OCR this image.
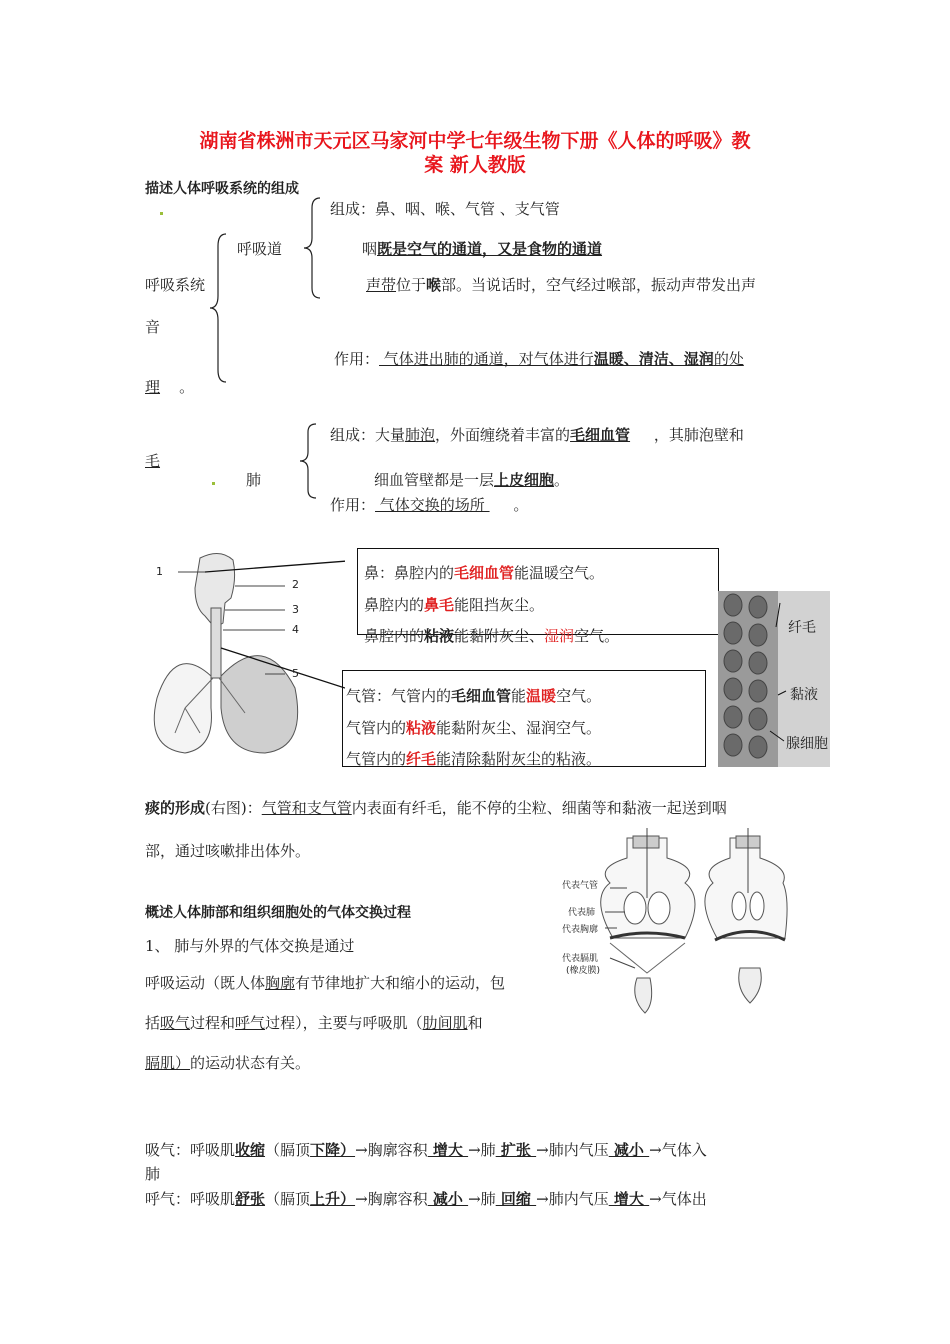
湖南省株洲市天元区马家河中学七年级生物下册《人体的呼吸》教
案 新人教版
描述人体呼吸系统的组成
组成：鼻、咽、喉、气管 、支气管
呼吸道	咽既是空气的通道，又是食物的通道
呼吸系统	声带位于喉部。当说话时，空气经过喉部，振动声带发出声
音
作用： 气体进出肺的通道，对气体进行温暖、清洁、湿润的处
理 。
组成：大量肺泡，外面缠绕着丰富的毛细血管 ，其肺泡壁和
毛
肺	细血管壁都是一层上皮细胞。
作用： 气体交换的场所      。
1
2
3
4
5
鼻：鼻腔内的毛细血管能温暖空气。
鼻腔内的鼻毛能阻挡灰尘。
鼻腔内的粘液能黏附灰尘、湿润空气。
气管：气管内的毛细血管能温暖空气。
气管内的粘液能黏附灰尘、湿润空气。
气管内的纤毛能清除黏附灰尘的粘液。
纤毛
黏液
腺细胞
痰的形成(右图)：气管和支气管内表面有纤毛，能不停的尘粒、细菌等和黏液一起送到咽
部，通过咳嗽排出体外。
概述人体肺部和组织细胞处的气体交换过程
1、 肺与外界的气体交换是通过
呼吸运动（既人体胸廓有节律地扩大和缩小的运动，包
括吸气过程和呼气过程），主要与呼吸肌（肋间肌和
膈肌）的运动状态有关。
代表气管
代表肺
代表胸廓
代表膈肌
(橡皮膜)
吸气：呼吸肌收缩（膈顶下降）→胸廓容积 增大 →肺 扩张 →肺内气压 减小 →气体入
肺
呼气：呼吸肌舒张（膈顶上升）→胸廓容积 减小 →肺 回缩 →肺内气压 增大 →气体出
